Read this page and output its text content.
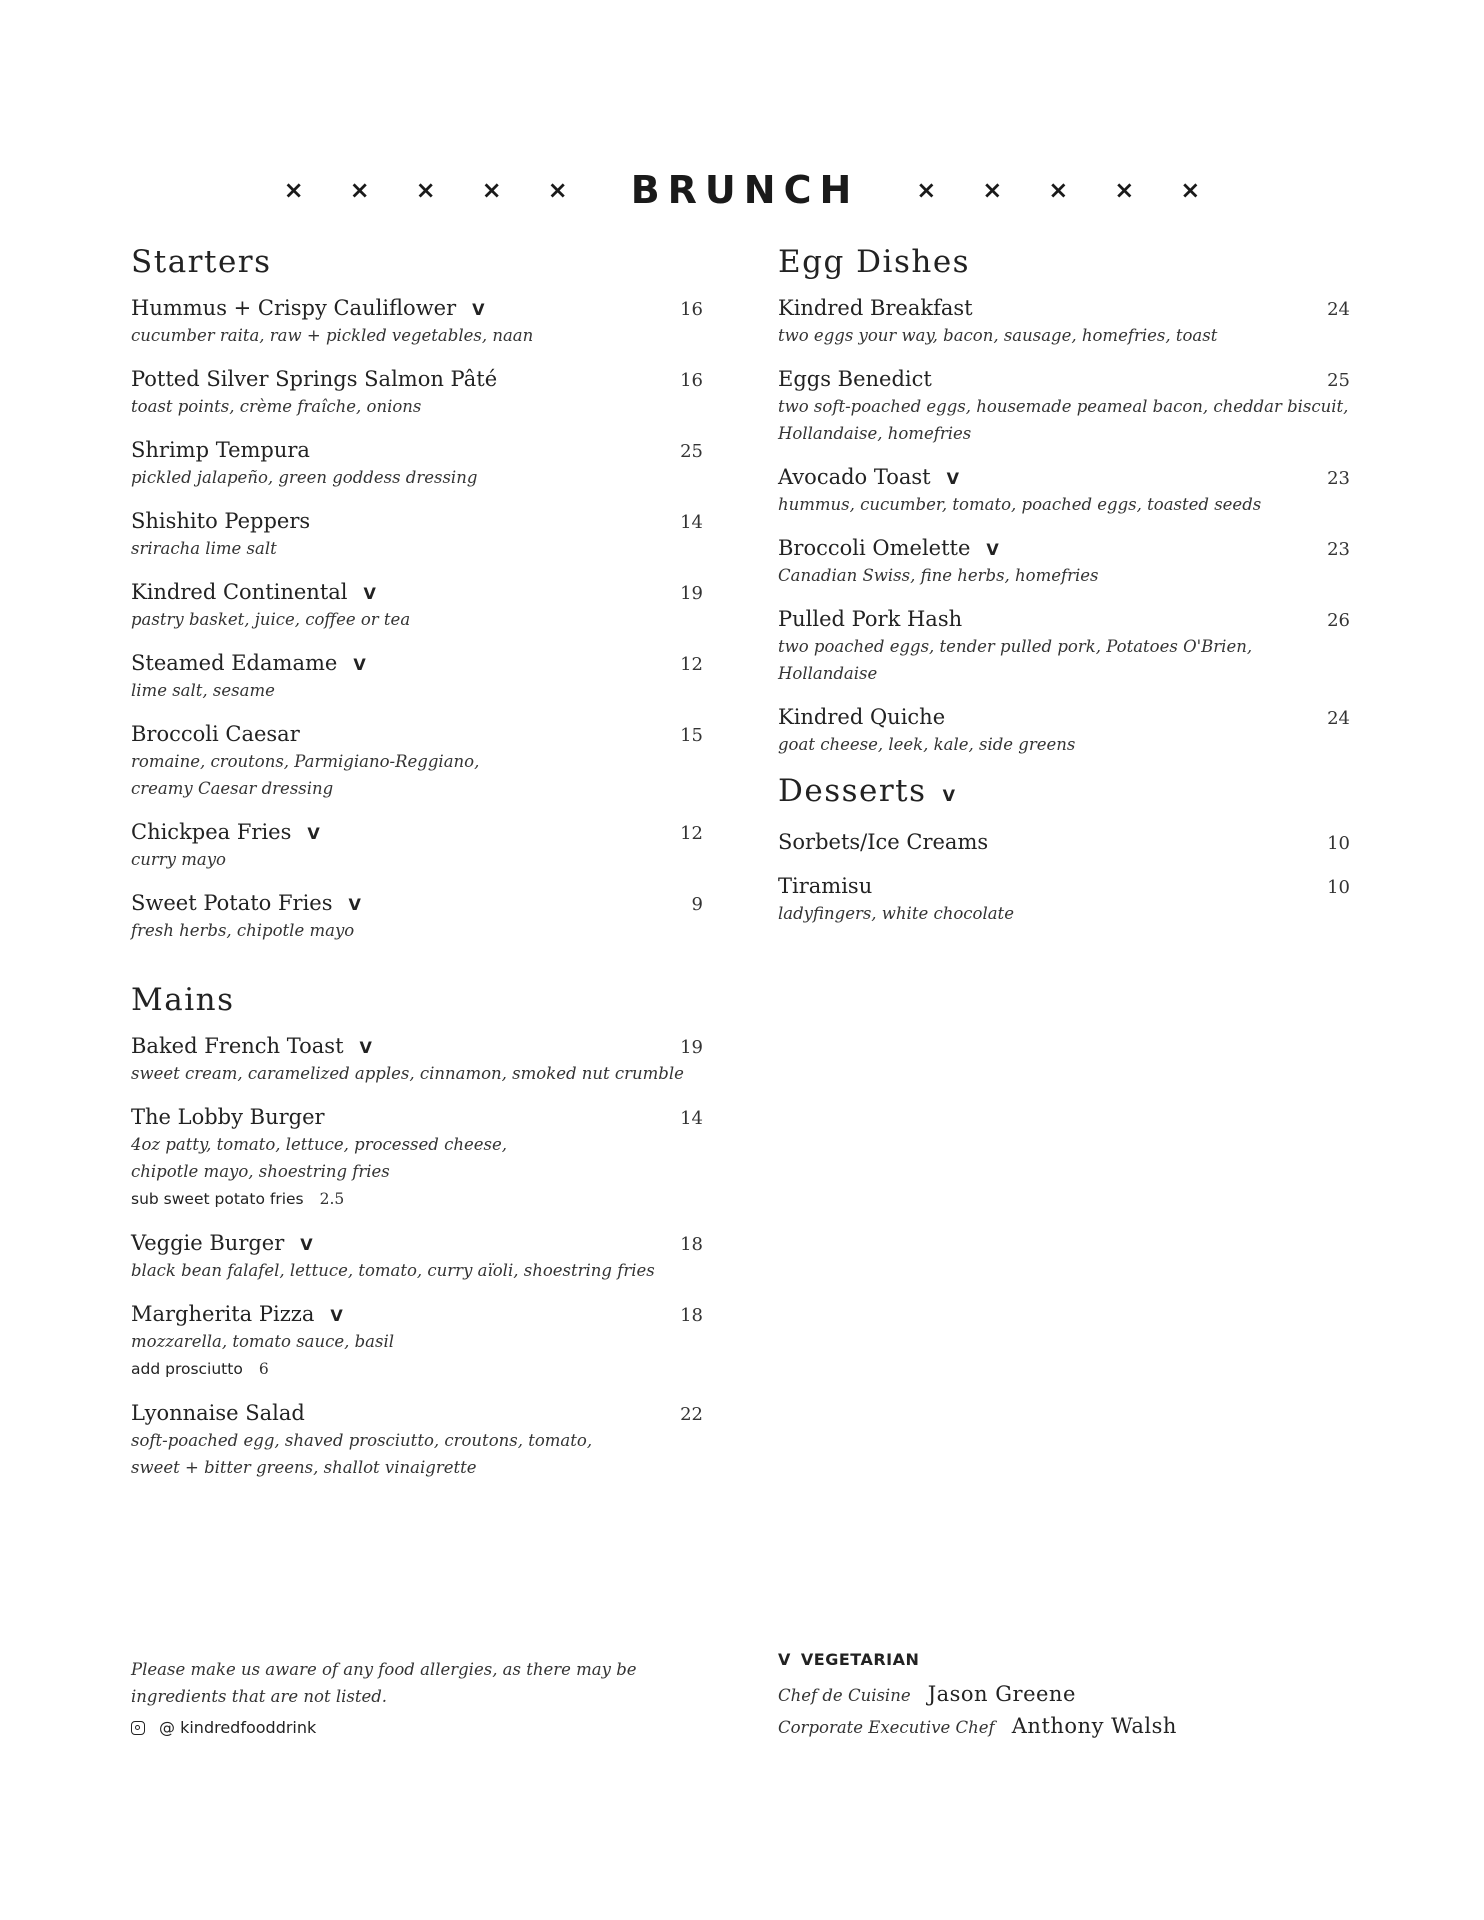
×	×	×	×	×	BRUNCH	×	×	×	×	×
Starters
Hummus + Crispy Cauliflower V	16
cucumber raita, raw + pickled vegetables, naan
Potted Silver Springs Salmon Pâté	16
toast points, crème fraîche, onions
Shrimp Tempura	25
pickled jalapeño, green goddess dressing
Shishito Peppers	14
sriracha lime salt
Kindred Continental V	19
pastry basket, juice, coffee or tea
Steamed Edamame V	12
lime salt, sesame
Broccoli Caesar	15
romaine, croutons, Parmigiano-Reggiano,
creamy Caesar dressing
Chickpea Fries V	12
curry mayo
Sweet Potato Fries V	9
fresh herbs, chipotle mayo
Mains
Baked French Toast V	19
sweet cream, caramelized apples, cinnamon, smoked nut crumble
The Lobby Burger	14
4oz patty, tomato, lettuce, processed cheese,
chipotle mayo, shoestring fries
sub sweet potato fries 2.5
Veggie Burger V	18
black bean falafel, lettuce, tomato, curry aïoli, shoestring fries
Margherita Pizza V	18
mozzarella, tomato sauce, basil
add prosciutto 6
Lyonnaise Salad	22
soft-poached egg, shaved prosciutto, croutons, tomato,
sweet + bitter greens, shallot vinaigrette
Egg Dishes
Kindred Breakfast	24
two eggs your way, bacon, sausage, homefries, toast
Eggs Benedict	25
two soft-poached eggs, housemade peameal bacon, cheddar biscuit,
Hollandaise, homefries
Avocado Toast V	23
hummus, cucumber, tomato, poached eggs, toasted seeds
Broccoli Omelette V	23
Canadian Swiss, fine herbs, homefries
Pulled Pork Hash	26
two poached eggs, tender pulled pork, Potatoes O'Brien, Hollandaise
Kindred Quiche	24
goat cheese, leek, kale, side greens
Desserts V
Sorbets/Ice Creams	10
Tiramisu	10
ladyfingers, white chocolate
Please make us aware of any food allergies, as there may be
ingredients that are not listed.
@ kindredfooddrink
V VEGETARIAN
Chef de Cuisine Jason Greene
Corporate Executive Chef Anthony Walsh
